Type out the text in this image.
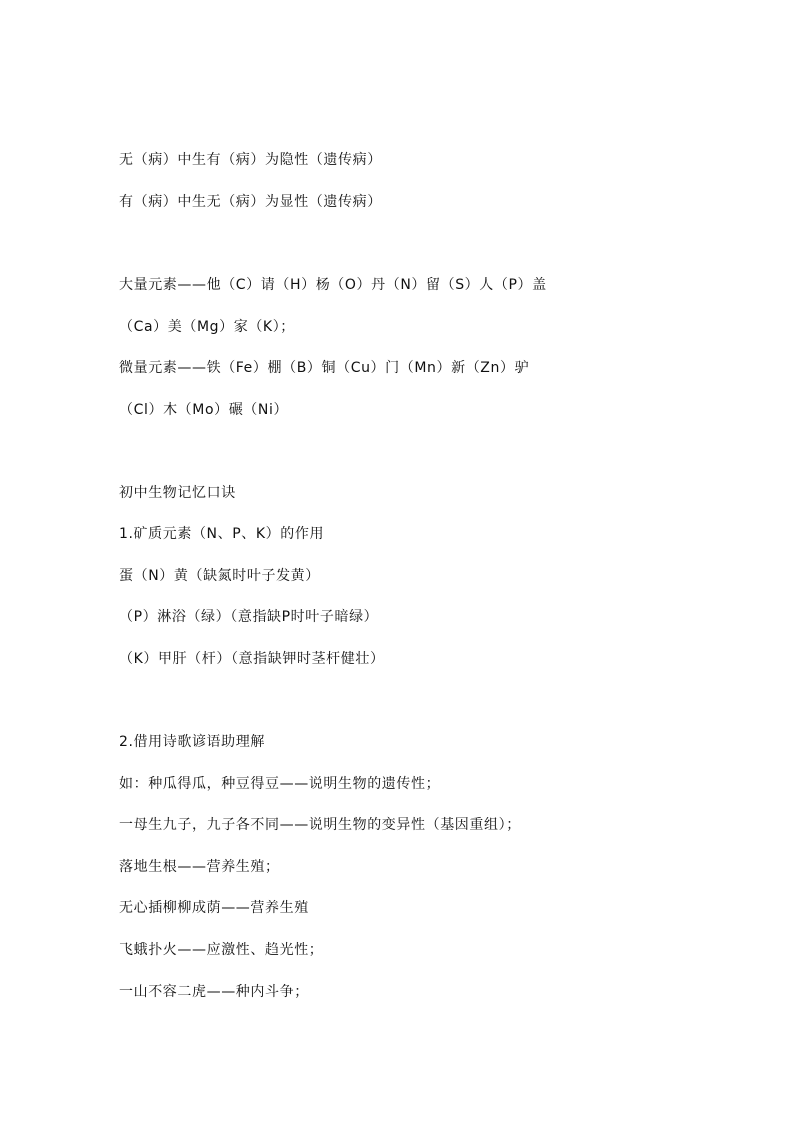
无（病）中生有（病）为隐性（遗传病）
有（病）中生无（病）为显性（遗传病）
大量元素——他（C）请（H）杨（O）丹（N）留（S）人（P）盖
（Ca）美（Mg）家（K）；
微量元素——铁（Fe）棚（B）铜（Cu）门（Mn）新（Zn）驴
（Cl）木（Mo）碾（Ni）
初中生物记忆口诀
1.矿质元素（N、P、K）的作用
蛋（N）黄（缺氮时叶子发黄）
（P）淋浴（绿）（意指缺P时叶子暗绿）
（K）甲肝（杆）（意指缺钾时茎杆健壮）
2.借用诗歌谚语助理解
如：种瓜得瓜，种豆得豆——说明生物的遗传性；
一母生九子，九子各不同——说明生物的变异性（基因重组）；
落地生根——营养生殖；
无心插柳柳成荫——营养生殖
飞蛾扑火——应激性、趋光性；
一山不容二虎——种内斗争；
